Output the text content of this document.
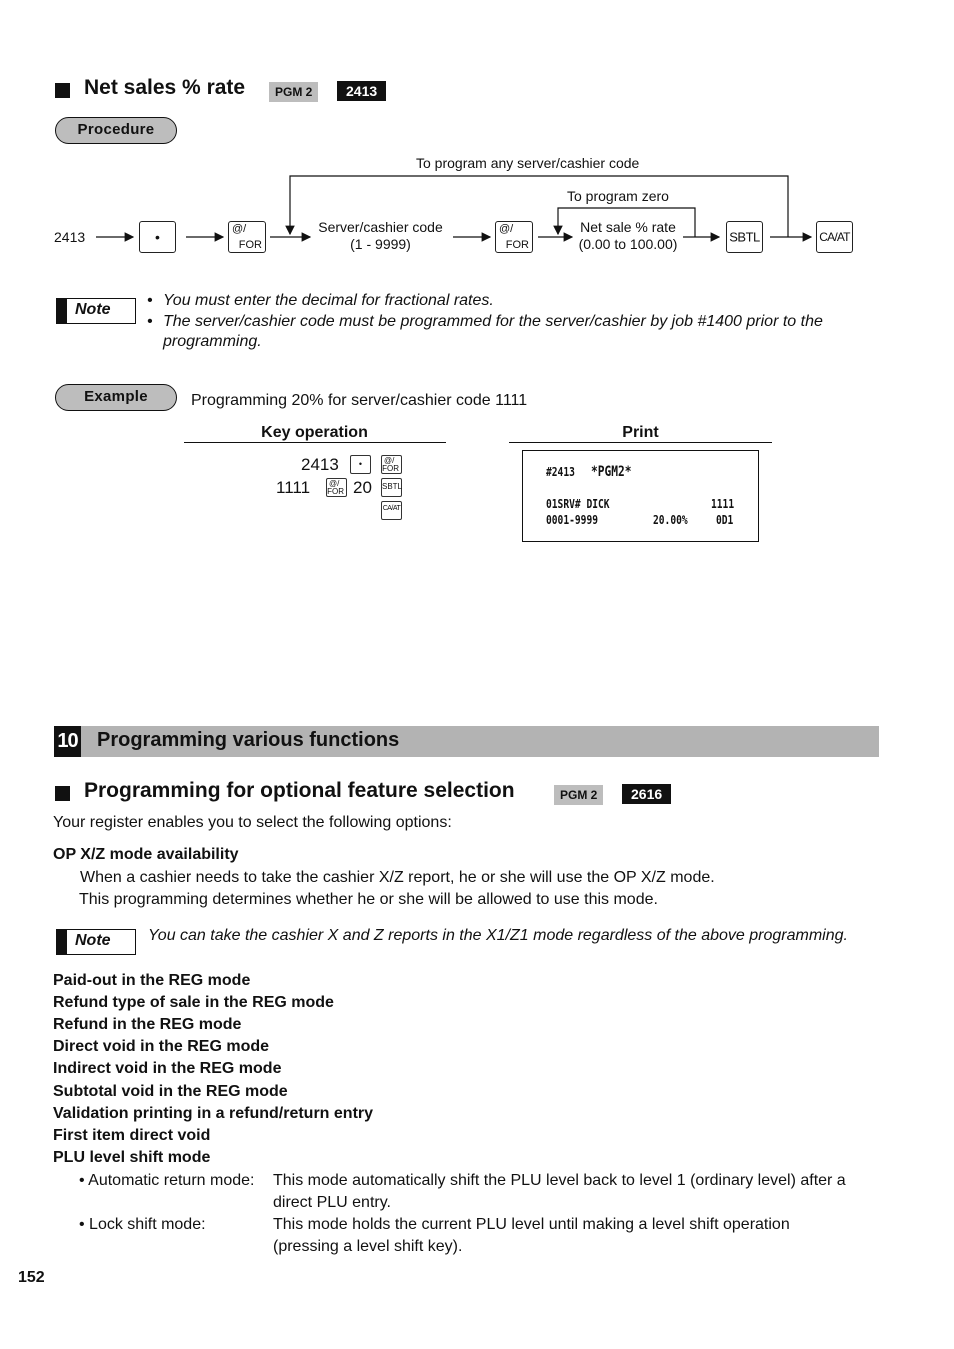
Net sales % rate	PGM 2	2413
Procedure
2413
To program any server/cashier code
To program zero
•	@/
FOR
Server/cashier code
(1 - 9999)
@/
FOR
Net sale % rate
(0.00 to 100.00)	SBTL	CA/AT
Note
• You must enter the decimal for fractional rates.
• The server/cashier code must be programmed for the server/cashier by job #1400 prior to the
programming.
Example	Programming 20% for server/cashier code 1111
Key operation	Print
2413	•	@/
FOR
1111 @/
FOR 20 SBTL
CA/AT
#2413 *PGM2*
01SRV# DICK	1111
0001-9999	20.00% 0D1
10 Programming various functions
Programming for optional feature selection	PGM 2	2616
Your register enables you to select the following options:
OP X/Z mode availability
When a cashier needs to take the cashier X/Z report, he or she will use the OP X/Z mode.
This programming determines whether he or she will be allowed to use this mode.
Note You can take the cashier X and Z reports in the X1/Z1 mode regardless of the above programming.
Paid-out in the REG mode
Refund type of sale in the REG mode
Refund in the REG mode
Direct void in the REG mode
Indirect void in the REG mode
Subtotal void in the REG mode
Validation printing in a refund/return entry
First item direct void
PLU level shift mode
• Automatic return mode: This mode automatically shift the PLU level back to level 1 (ordinary level) after a
direct PLU entry.
• Lock shift mode:	This mode holds the current PLU level until making a level shift operation
(pressing a level shift key).
152
